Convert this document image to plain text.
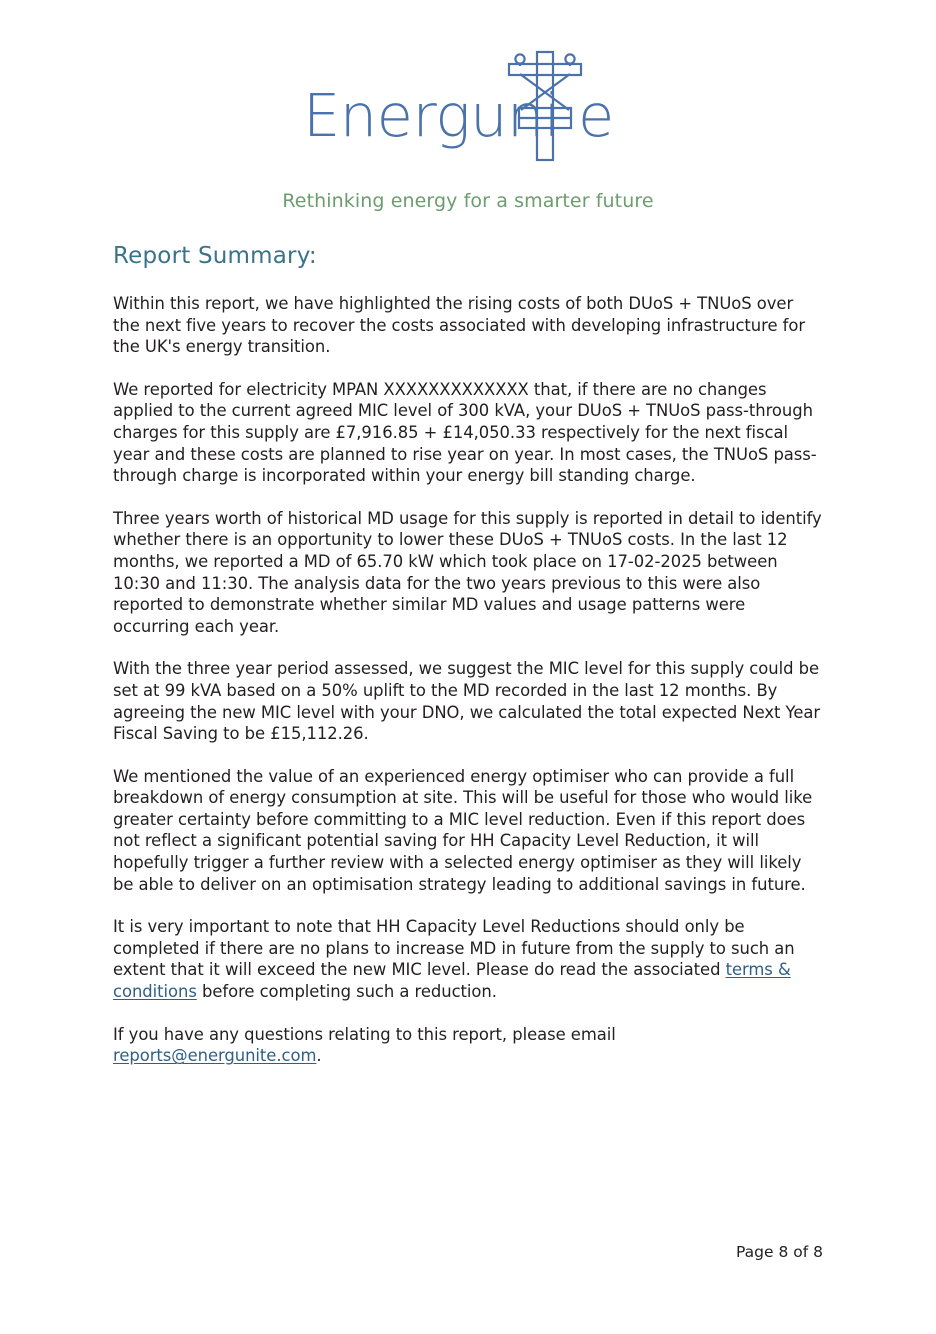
Energuni e
Rethinking energy for a smarter future
Report Summary:

Within this report, we have highlighted the rising costs of both DUoS + TNUoS over the next five years to recover the costs associated with developing infrastructure for the UK's energy transition.

We reported for electricity MPAN XXXXXXXXXXXXX that, if there are no changes applied to the current agreed MIC level of 300 kVA, your DUoS + TNUoS pass-through charges for this supply are £7,916.85 + £14,050.33 respectively for the next fiscal year and these costs are planned to rise year on year. In most cases, the TNUoS pass-through charge is incorporated within your energy bill standing charge.

Three years worth of historical MD usage for this supply is reported in detail to identify whether there is an opportunity to lower these DUoS + TNUoS costs. In the last 12 months, we reported a MD of 65.70 kW which took place on 17-02-2025 between 10:30 and 11:30. The analysis data for the two years previous to this were also reported to demonstrate whether similar MD values and usage patterns were occurring each year.

With the three year period assessed, we suggest the MIC level for this supply could be set at 99 kVA based on a 50% uplift to the MD recorded in the last 12 months. By agreeing the new MIC level with your DNO, we calculated the total expected Next Year Fiscal Saving to be £15,112.26.

We mentioned the value of an experienced energy optimiser who can provide a full breakdown of energy consumption at site. This will be useful for those who would like greater certainty before committing to a MIC level reduction. Even if this report does not reflect a significant potential saving for HH Capacity Level Reduction, it will hopefully trigger a further review with a selected energy optimiser as they will likely be able to deliver on an optimisation strategy leading to additional savings in future.

It is very important to note that HH Capacity Level Reductions should only be completed if there are no plans to increase MD in future from the supply to such an extent that it will exceed the new MIC level. Please do read the associated terms & conditions before completing such a reduction.

If you have any questions relating to this report, please email reports@energunite.com.

Page 8 of 8
